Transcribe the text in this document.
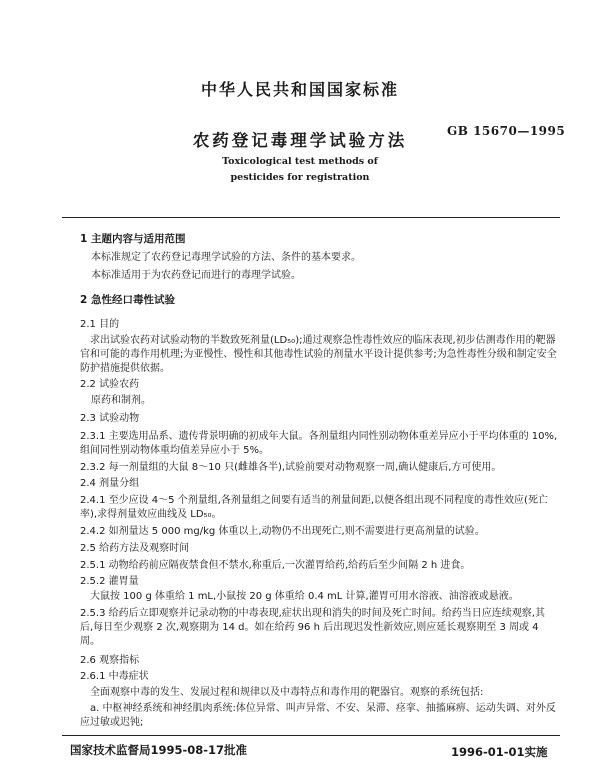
中华人民共和国国家标准
农药登记毒理学试验方法	GB 15670—1995
Toxicological test methods of
pesticides for registration
1 主题内容与适用范围
本标准规定了农药登记毒理学试验的方法、条件的基本要求。
本标准适用于为农药登记而进行的毒理学试验。
2 急性经口毒性试验
2.1 目的
求出试验农药对试验动物的半数致死剂量(LD₅₀);通过观察急性毒性效应的临床表现,初步估测毒作用的靶器官和可能的毒作用机理;为亚慢性、慢性和其他毒性试验的剂量水平设计提供参考;为急性毒性分级和制定安全防护措施提供依据。
2.2 试验农药
原药和制剂。
2.3 试验动物
2.3.1 主要选用品系、遗传背景明确的初成年大鼠。各剂量组内同性别动物体重差异应小于平均体重的 10%,组间同性别动物体重均值差异应小于 5%。
2.3.2 每一剂量组的大鼠 8～10 只(雌雄各半),试验前要对动物观察一周,确认健康后,方可使用。
2.4 剂量分组
2.4.1 至少应设 4～5 个剂量组,各剂量组之间要有适当的剂量间距,以便各组出现不同程度的毒性效应(死亡率),求得剂量效应曲线及 LD₅₀。
2.4.2 如剂量达 5 000 mg/kg 体重以上,动物仍不出现死亡,则不需要进行更高剂量的试验。
2.5 给药方法及观察时间
2.5.1 动物给药前应隔夜禁食但不禁水,称重后,一次灌胃给药,给药后至少间隔 2 h 进食。
2.5.2 灌胃量
大鼠按 100 g 体重给 1 mL,小鼠按 20 g 体重给 0.4 mL 计算,灌胃可用水溶液、油溶液或悬液。
2.5.3 给药后立即观察并记录动物的中毒表现,症状出现和消失的时间及死亡时间。给药当日应连续观察,其后,每日至少观察 2 次,观察期为 14 d。如在给药 96 h 后出现迟发性新效应,则应延长观察期至 3 周或 4 周。
2.6 观察指标
2.6.1 中毒症状
全面观察中毒的发生、发展过程和规律以及中毒特点和毒作用的靶器官。观察的系统包括:
a. 中枢神经系统和神经肌肉系统:体位异常、叫声异常、不安、呆滞、痉挛、抽搐麻痹、运动失调、对外反应过敏或迟钝;
国家技术监督局1995-08-17批准	1996-01-01实施
